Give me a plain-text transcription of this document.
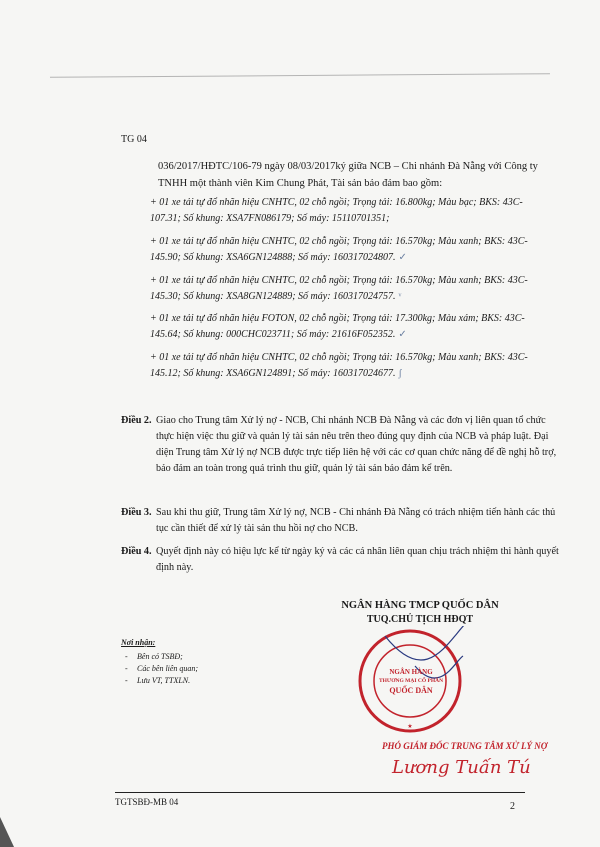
TG 04
036/2017/HĐTC/106-79 ngày 08/03/2017ký giữa NCB – Chi nhánh Đà Nẵng với Công ty TNHH một thành viên Kim Chung Phát, Tài sản bảo đảm bao gồm:
+ 01 xe tải tự đổ nhãn hiệu CNHTC, 02 chỗ ngồi; Trọng tải: 16.800kg; Màu bạc; BKS: 43C-107.31; Số khung: XSA7FN086179; Số máy: 15110701351;
+ 01 xe tải tự đổ nhãn hiệu CNHTC, 02 chỗ ngồi; Trọng tải: 16.570kg; Màu xanh; BKS: 43C-145.90; Số khung: XSA6GN124888; Số máy: 160317024807. ✓
+ 01 xe tải tự đổ nhãn hiệu CNHTC, 02 chỗ ngồi; Trọng tải: 16.570kg; Màu xanh; BKS: 43C-145.30; Số khung: XSA8GN124889; Số máy: 160317024757. ᵛ
+ 01 xe tải tự đổ nhãn hiệu FOTON, 02 chỗ ngồi; Trọng tải: 17.300kg; Màu xám; BKS: 43C-145.64; Số khung: 000CHC023711; Số máy: 21616F052352. ✓
+ 01 xe tải tự đổ nhãn hiệu CNHTC, 02 chỗ ngồi; Trọng tải: 16.570kg; Màu xanh; BKS: 43C-145.12; Số khung: XSA6GN124891; Số máy: 160317024677. ʃ
Điều 2. Giao cho Trung tâm Xử lý nợ - NCB, Chi nhánh NCB Đà Nẵng và các đơn vị liên quan tổ chức thực hiện việc thu giữ và quản lý tài sản nêu trên theo đúng quy định của NCB và pháp luật. Đại diện Trung tâm Xử lý nợ NCB được trực tiếp liên hệ với các cơ quan chức năng để đề nghị hỗ trợ, bảo đảm an toàn trong quá trình thu giữ, quản lý tài sản bảo đảm kể trên.
Điều 3. Sau khi thu giữ, Trung tâm Xử lý nợ, NCB - Chi nhánh Đà Nẵng có trách nhiệm tiến hành các thủ tục cần thiết để xử lý tài sản thu hồi nợ cho NCB.
Điều 4. Quyết định này có hiệu lực kể từ ngày ký và các cá nhân liên quan chịu trách nhiệm thi hành quyết định này.
Nơi nhận:
- Bên có TSBĐ;
- Các bên liên quan;
- Lưu VT, TTXLN.
NGÂN HÀNG TMCP QUỐC DÂN
TUQ.CHỦ TỊCH HĐQT
★
NGÂN HÀNG
THƯƠNG MẠI CỔ PHẦN
QUỐC DÂN
PHÓ GIÁM ĐỐC TRUNG TÂM XỬ LÝ NỢ
Lương Tuấn Tú
TGTSBĐ-MB 04	2
